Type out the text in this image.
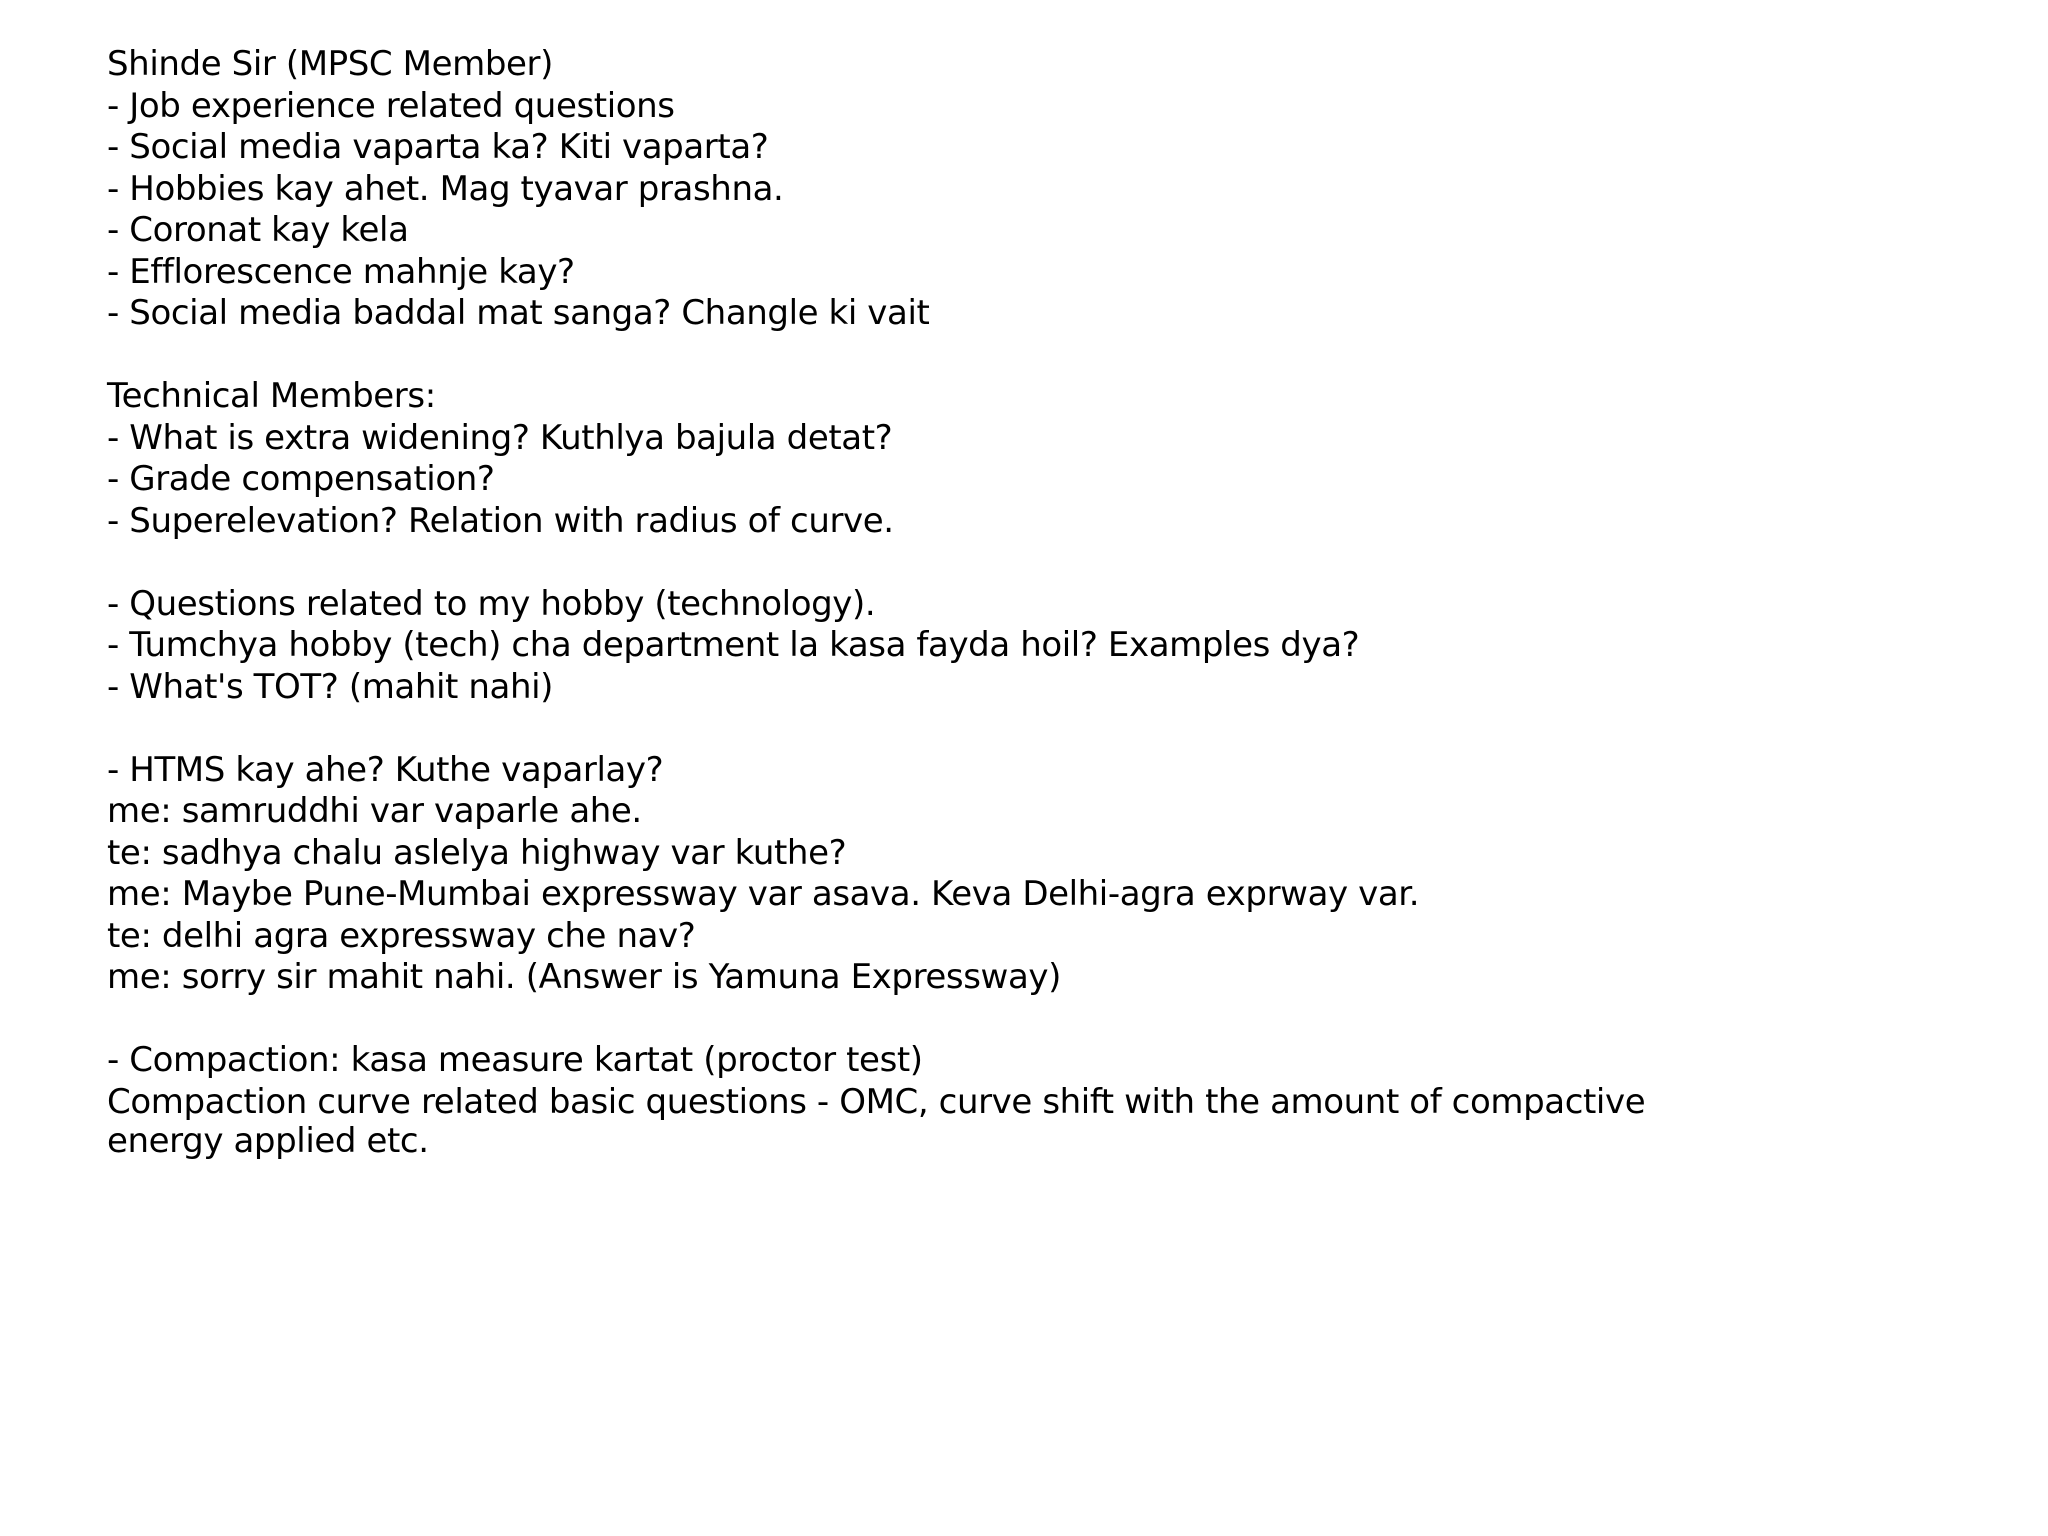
Shinde Sir (MPSC Member)
- Job experience related questions
- Social media vaparta ka? Kiti vaparta?
- Hobbies kay ahet. Mag tyavar prashna.
- Coronat kay kela
- Efflorescence mahnje kay?
- Social media baddal mat sanga? Changle ki vait
Technical Members:
- What is extra widening? Kuthlya bajula detat?
- Grade compensation?
- Superelevation? Relation with radius of curve.
- Questions related to my hobby (technology).
- Tumchya hobby (tech) cha department la kasa fayda hoil? Examples dya?
- What's TOT? (mahit nahi)
- HTMS kay ahe? Kuthe vaparlay?
me: samruddhi var vaparle ahe.
te: sadhya chalu aslelya highway var kuthe?
me: Maybe Pune-Mumbai expressway var asava. Keva Delhi-agra exprway var.
te: delhi agra expressway che nav?
me: sorry sir mahit nahi. (Answer is Yamuna Expressway)
- Compaction: kasa measure kartat (proctor test)
Compaction curve related basic questions - OMC, curve shift with the amount of compactive
energy applied etc.
